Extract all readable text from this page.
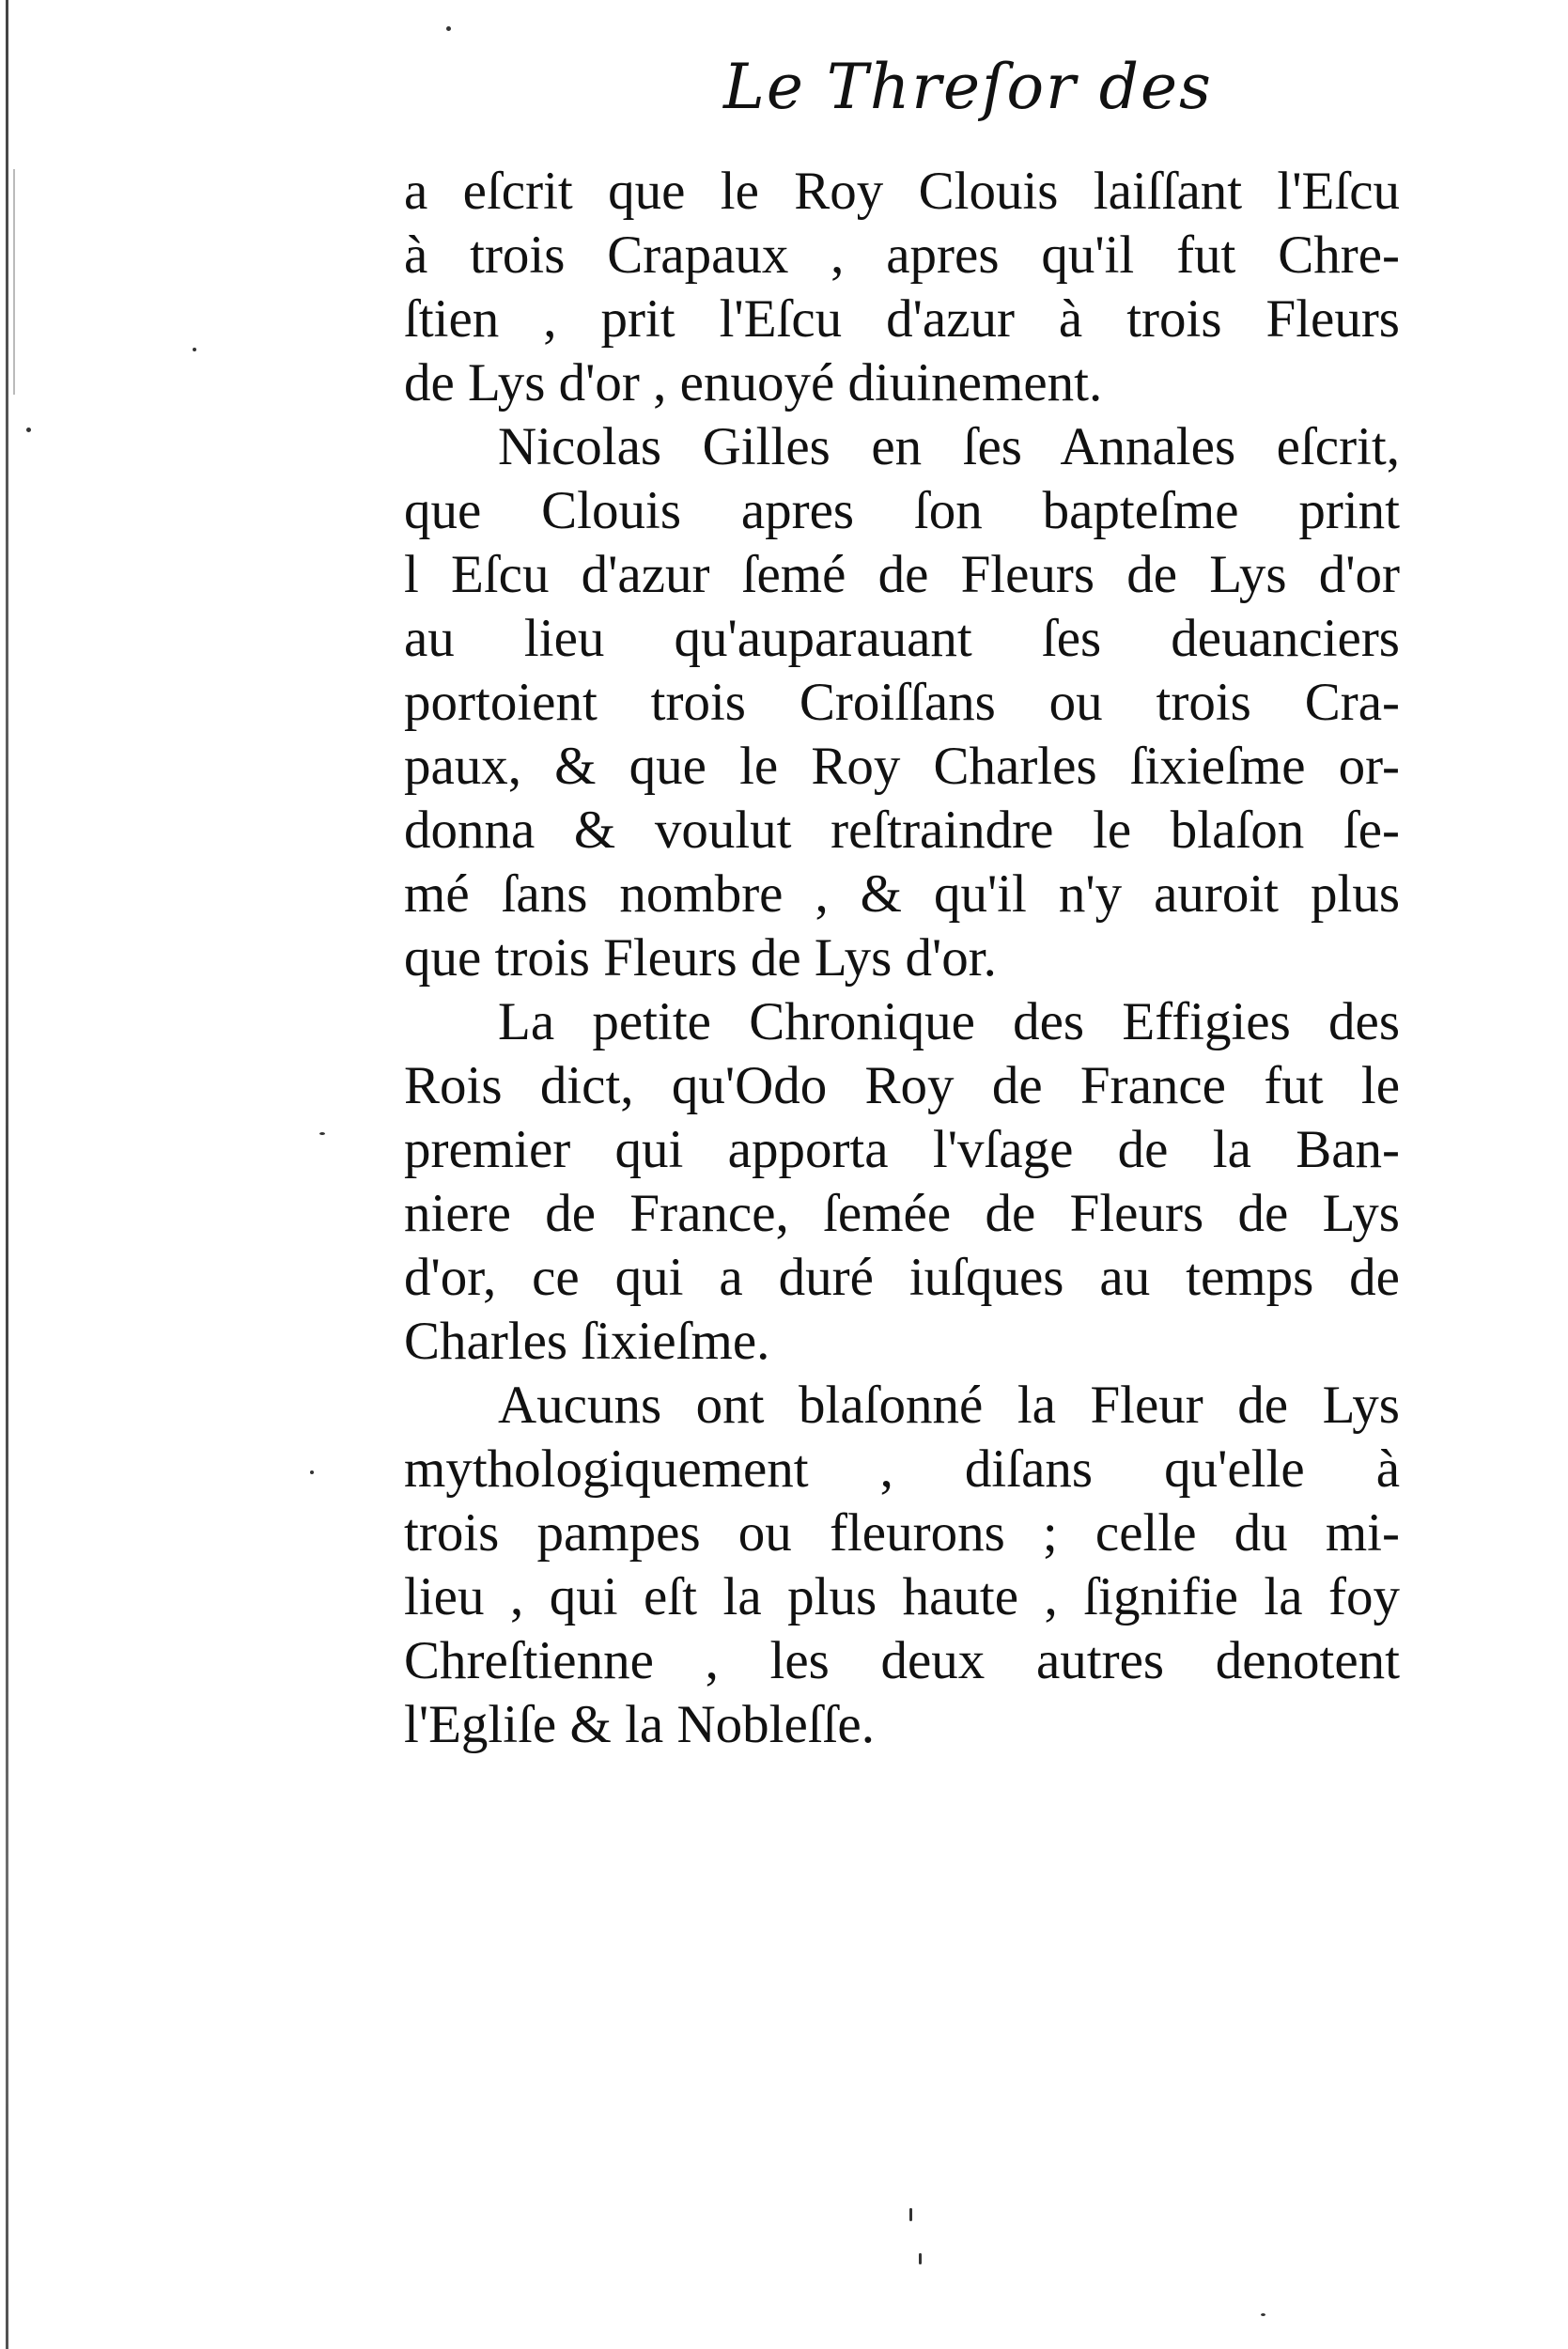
Le Threſor des
a eſcrit que le Roy Clouis laiſſant l'Eſcu
à trois Crapaux , apres qu'il fut Chre-
ſtien , prit l'Eſcu d'azur à trois Fleurs
de Lys d'or , enuoyé diuinement.
Nicolas Gilles en ſes Annales eſcrit,
que Clouis apres ſon bapteſme print
l Eſcu d'azur ſemé de Fleurs de Lys d'or
au lieu qu'auparauant ſes deuanciers
portoient trois Croiſſans ou trois Cra-
paux, & que le Roy Charles ſixieſme or-
donna & voulut reſtraindre le blaſon ſe-
mé ſans nombre , & qu'il n'y auroit plus
que trois Fleurs de Lys d'or.
La petite Chronique des Effigies des
Rois dict, qu'Odo Roy de France fut le
premier qui apporta l'vſage de la Ban-
niere de France, ſemée de Fleurs de Lys
d'or, ce qui a duré iuſques au temps de
Charles ſixieſme.
Aucuns ont blaſonné la Fleur de Lys
mythologiquement , diſans qu'elle à
trois pampes ou fleurons ; celle du mi-
lieu , qui eſt la plus haute , ſignifie la foy
Chreſtienne , les deux autres denotent
l'Egliſe & la Nobleſſe.
